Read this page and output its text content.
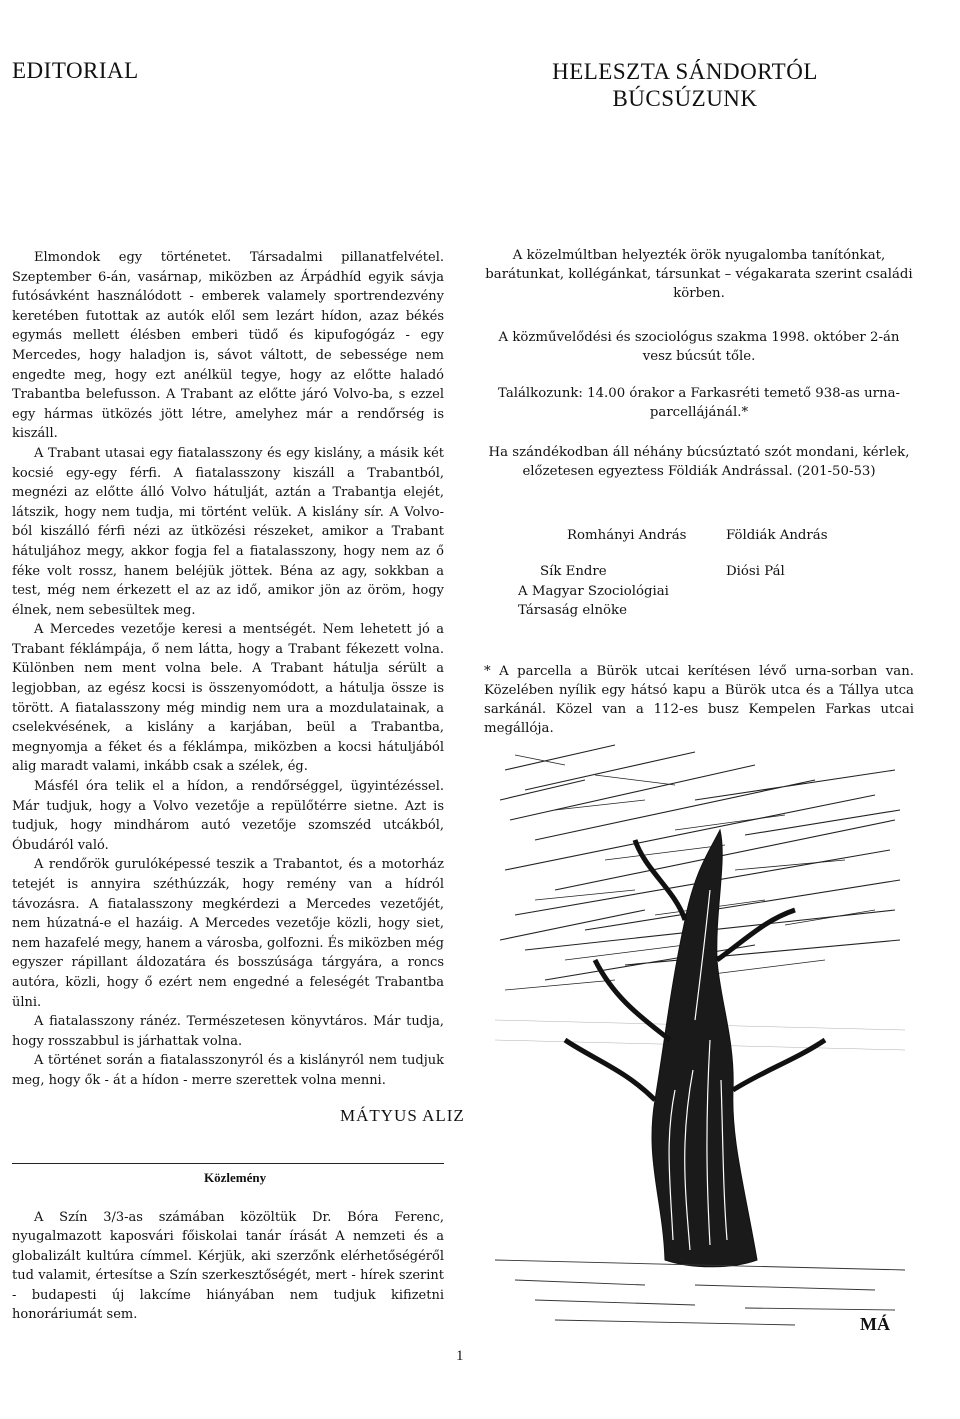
EDITORIAL	HELESZTA SÁNDORTÓL
BÚCSÚZUNK

Elmondok egy történetet. Társadalmi pillanatfelvétel. Szeptember 6-án, vasárnap, miközben az Árpádhíd egyik sávja futósávként használódott - emberek valamely sportrendezvény keretében futottak az autók elől sem lezárt hídon, azaz békés egymás mellett élésben emberi tüdő és kipufogógáz - egy Mercedes, hogy haladjon is, sávot váltott, de sebessége nem engedte meg, hogy ezt anélkül tegye, hogy az előtte haladó Trabantba belefusson. A Trabant az előtte járó Volvo-ba, s ezzel egy hármas ütközés jött létre, amelyhez már a rendőrség is kiszáll.

A Trabant utasai egy fiatalasszony és egy kislány, a másik két kocsié egy-egy férfi. A fiatalasszony kiszáll a Trabantból, megnézi az előtte álló Volvo hátulját, aztán a Trabantja elejét, látszik, hogy nem tudja, mi történt velük. A kislány sír. A Volvo-ból kiszálló férfi nézi az ütközési részeket, amikor a Trabant hátuljához megy, akkor fogja fel a fiatalasszony, hogy nem az ő féke volt rossz, hanem beléjük jöttek. Béna az agy, sokkban a test, még nem érkezett el az az idő, amikor jön az öröm, hogy élnek, nem sebesültek meg.

A Mercedes vezetője keresi a mentségét. Nem lehetett jó a Trabant féklámpája, ő nem látta, hogy a Trabant fékezett volna. Különben nem ment volna bele. A Trabant hátulja sérült a legjobban, az egész kocsi is összenyomódott, a hátulja össze is törött. A fiatalasszony még mindig nem ura a mozdulatainak, a cselekvésének, a kislány a karjában, beül a Trabantba, megnyomja a féket és a féklámpa, miközben a kocsi hátuljából alig maradt valami, inkább csak a szélek, ég.

Másfél óra telik el a hídon, a rendőrséggel, ügyintézéssel. Már tudjuk, hogy a Volvo vezetője a repülőtérre sietne. Azt is tudjuk, hogy mindhárom autó vezetője szomszéd utcákból, Óbudáról való.

A rendőrök gurulóképessé teszik a Trabantot, és a motorház tetejét is annyira széthúzzák, hogy remény van a hídról távozásra. A fiatalasszony megkérdezi a Mercedes vezetőjét, nem húzatná-e el hazáig. A Mercedes vezetője közli, hogy siet, nem hazafelé megy, hanem a városba, golfozni. És miközben még egyszer rápillant áldozatára és bosszúsága tárgyára, a roncs autóra, közli, hogy ő ezért nem engedné a feleségét Trabantba ülni.

A fiatalasszony ránéz. Természetesen könyvtáros. Már tudja, hogy rosszabbul is járhattak volna.

A történet során a fiatalasszonyról és a kislányról nem tudjuk meg, hogy ők - át a hídon - merre szerettek volna menni.

MÁTYUS ALIZ
Közlemény

A Szín 3/3-as számában közöltük Dr. Bóra Ferenc, nyugalmazott kaposvári főiskolai tanár írását A nemzeti és a globalizált kultúra címmel. Kérjük, aki szerzőnk elérhetőségéről tud valamit, értesítse a Szín szerkesztőségét, mert - hírek szerint - budapesti új lakcíme hiányában nem tudjuk kifizetni honoráriumát sem.

A közelmúltban helyezték örök nyugalomba tanítónkat, barátunkat, kollégánkat, társunkat – végakarata szerint családi körben.
A közművelődési és szociológus szakma 1998. október 2-án vesz búcsút tőle.
Találkozunk: 14.00 órakor a Farkasréti temető 938-as urna-parcellájánál.*
Ha szándékodban áll néhány búcsúztató szót mondani, kérlek, előzetesen egyeztess Földiák Andrással. (201-50-53)
Romhányi András	Földiák András
Sík Endre	Diósi Pál
A Magyar Szociológiai
Társaság elnöke
* A parcella a Bürök utcai kerítésen lévő urna-sorban van. Közelében nyílik egy hátsó kapu a Bürök utca és a Tállya utca sarkánál. Közel van a 112-es busz Kempelen Farkas utcai megállója.
MÁ
1
